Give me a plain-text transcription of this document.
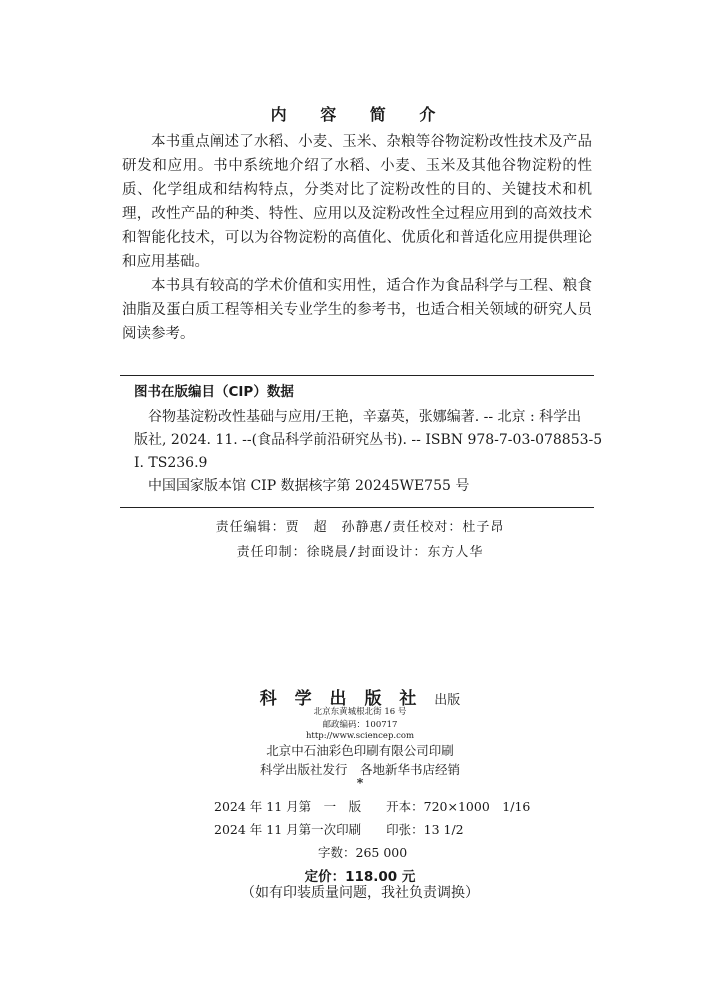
内 容 简 介

本书重点阐述了水稻、小麦、玉米、杂粮等谷物淀粉改性技术及产品研发和应用。书中系统地介绍了水稻、小麦、玉米及其他谷物淀粉的性质、化学组成和结构特点，分类对比了淀粉改性的目的、关键技术和机理，改性产品的种类、特性、应用以及淀粉改性全过程应用到的高效技术和智能化技术，可以为谷物淀粉的高值化、优质化和普适化应用提供理论和应用基础。

本书具有较高的学术价值和实用性，适合作为食品科学与工程、粮食油脂及蛋白质工程等相关专业学生的参考书，也适合相关领域的研究人员阅读参考。

图书在版编目（CIP）数据
谷物基淀粉改性基础与应用/王艳，辛嘉英，张娜编著. -- 北京 : 科学出
版社, 2024. 11. --(食品科学前沿研究丛书). -- ISBN 978-7-03-078853-5
Ⅰ. TS236.9
中国国家版本馆 CIP 数据核字第 20245WE755 号
责任编辑：贾　超　孙静惠/责任校对：杜子昂
责任印制：徐晓晨/封面设计：东方人华
科 学 出 版 社 出版
北京东黄城根北街 16 号
邮政编码：100717
http://www.sciencep.com
北京中石油彩色印刷有限公司印刷
科学出版社发行　各地新华书店经销
*
2024 年 11 月第　一　版　　开本：720×1000　1/16
2024 年 11 月第一次印刷　　印张：13 1/2
字数：265 000
定价：118.00 元
（如有印装质量问题，我社负责调换）
